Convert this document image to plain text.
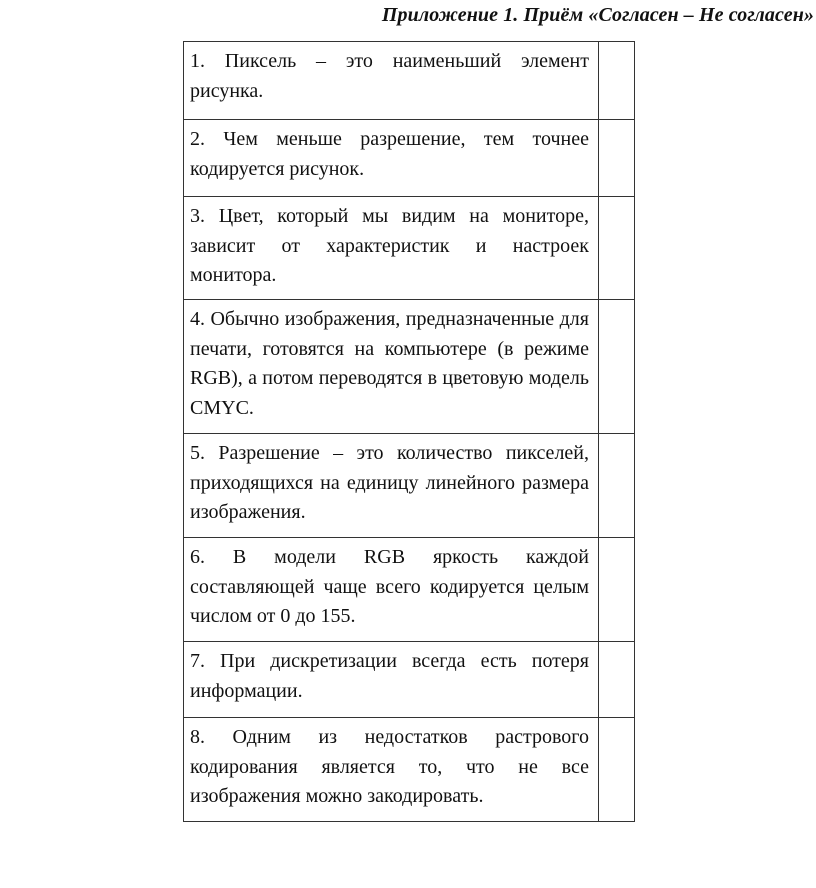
Приложение 1. Приём «Согласен – Не согласен»
1. Пиксель – это наименьший элемент рисунка.	

2. Чем меньше разрешение, тем точнее кодируется рисунок.	

3. Цвет, который мы видим на мониторе, зависит от характеристик и настроек монитора.	

4. Обычно изображения, предназначенные для печати, готовятся на компьютере (в режиме RGB), а потом переводятся в цветовую модель CMYC.	

5. Разрешение – это количество пикселей, приходящихся на единицу линейного размера изображения.	

6. В модели RGB яркость каждой составляющей чаще всего кодируется целым числом от 0 до 155.	

7. При дискретизации всегда есть потеря информации.	

8. Одним из недостатков растрового кодирования является то, что не все изображения можно закодировать.	
